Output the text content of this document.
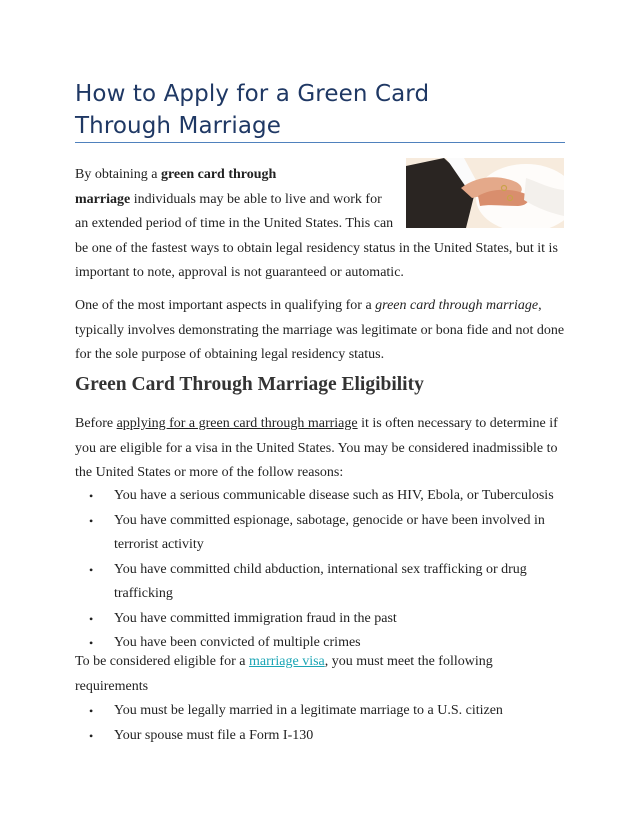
How to Apply for a Green Card
Through Marriage
By obtaining a green card through
marriage individuals may be able to live and work for
an extended period of time in the United States. This can
be one of the fastest ways to obtain legal residency status in the United States, but it is
important to note, approval is not guaranteed or automatic.
One of the most important aspects in qualifying for a green card through marriage, typically involves demonstrating the marriage was legitimate or bona fide and not done for the sole purpose of obtaining legal residency status.
Green Card Through Marriage Eligibility
Before applying for a green card through marriage it is often necessary to determine if you are eligible for a visa in the United States. You may be considered inadmissible to the United States or more of the follow reasons:
• You have a serious communicable disease such as HIV, Ebola, or Tuberculosis
• You have committed espionage, sabotage, genocide or have been involved in terrorist activity
• You have committed child abduction, international sex trafficking or drug trafficking
• You have committed immigration fraud in the past
• You have been convicted of multiple crimes
To be considered eligible for a marriage visa, you must meet the following requirements
• You must be legally married in a legitimate marriage to a U.S. citizen
• Your spouse must file a Form I-130
